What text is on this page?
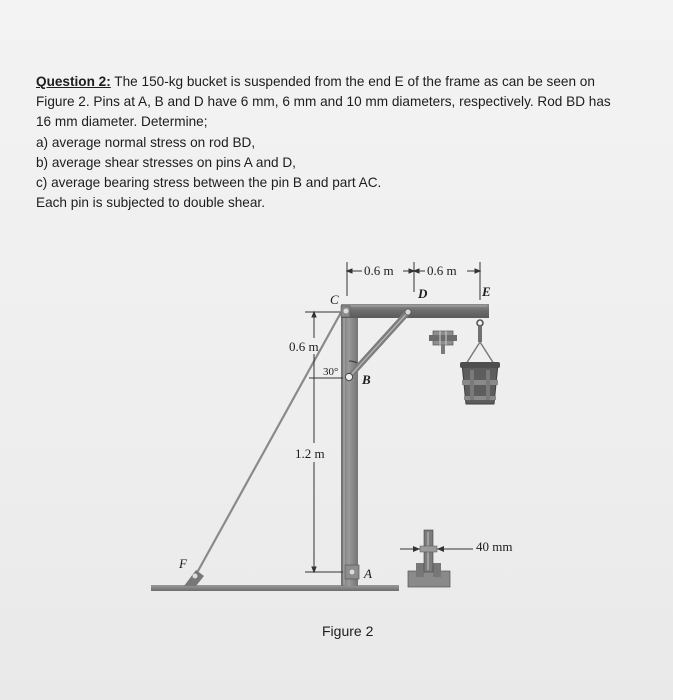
Question 2: The 150-kg bucket is suspended from the end E of the frame as can be seen on

Figure 2. Pins at A, B and D have 6 mm, 6 mm and 10 mm diameters, respectively. Rod BD has

16 mm diameter. Determine;

a) average normal stress on rod BD,

b) average shear stresses on pins A and D,

c) average bearing stress between the pin B and part AC.

Each pin is subjected to double shear.

0.6 m	0.6 m
C	D	E
0.6 m
30° B
1.2 m
40 mm
F
A
Figure 2
